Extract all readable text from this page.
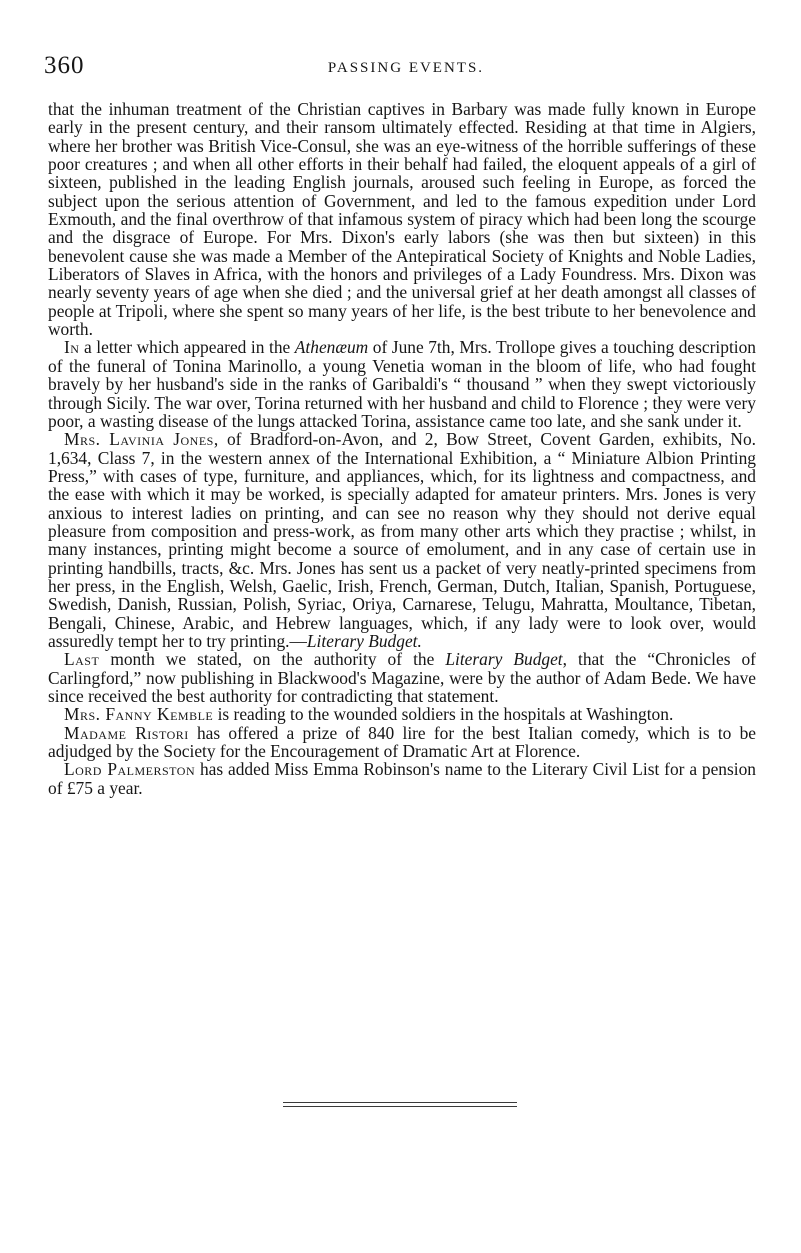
360	PASSING EVENTS.

that the inhuman treatment of the Christian captives in Barbary was made fully known in Europe early in the present century, and their ransom ultimately effected. Residing at that time in Algiers, where her brother was British Vice-Consul, she was an eye-witness of the horrible sufferings of these poor creatures ; and when all other efforts in their behalf had failed, the eloquent appeals of a girl of sixteen, published in the leading English journals, aroused such feeling in Europe, as forced the subject upon the serious attention of Government, and led to the famous expedition under Lord Exmouth, and the final overthrow of that infamous system of piracy which had been long the scourge and the disgrace of Europe. For Mrs. Dixon's early labors (she was then but sixteen) in this benevolent cause she was made a Member of the Antepiratical Society of Knights and Noble Ladies, Liberators of Slaves in Africa, with the honors and privileges of a Lady Foundress. Mrs. Dixon was nearly seventy years of age when she died ; and the universal grief at her death amongst all classes of people at Tripoli, where she spent so many years of her life, is the best tribute to her benevolence and worth.

In a letter which appeared in the Athenæum of June 7th, Mrs. Trollope gives a touching description of the funeral of Tonina Marinollo, a young Venetia woman in the bloom of life, who had fought bravely by her husband's side in the ranks of Garibaldi's “ thousand ” when they swept victoriously through Sicily. The war over, Torina returned with her husband and child to Florence ; they were very poor, a wasting disease of the lungs attacked Torina, assistance came too late, and she sank under it.

Mrs. Lavinia Jones, of Bradford-on-Avon, and 2, Bow Street, Covent Garden, exhibits, No. 1,634, Class 7, in the western annex of the International Exhibition, a “ Miniature Albion Printing Press,” with cases of type, furniture, and appliances, which, for its lightness and compactness, and the ease with which it may be worked, is specially adapted for amateur printers. Mrs. Jones is very anxious to interest ladies on printing, and can see no reason why they should not derive equal pleasure from composition and press-work, as from many other arts which they practise ; whilst, in many instances, printing might become a source of emolument, and in any case of certain use in printing handbills, tracts, &c. Mrs. Jones has sent us a packet of very neatly-printed specimens from her press, in the English, Welsh, Gaelic, Irish, French, German, Dutch, Italian, Spanish, Portuguese, Swedish, Danish, Russian, Polish, Syriac, Oriya, Carnarese, Telugu, Mahratta, Moultance, Tibetan, Bengali, Chinese, Arabic, and Hebrew languages, which, if any lady were to look over, would assuredly tempt her to try printing.—Literary Budget.

Last month we stated, on the authority of the Literary Budget, that the “Chronicles of Carlingford,” now publishing in Blackwood's Magazine, were by the author of Adam Bede. We have since received the best authority for contradicting that statement.

Mrs. Fanny Kemble is reading to the wounded soldiers in the hospitals at Washington.

Madame Ristori has offered a prize of 840 lire for the best Italian comedy, which is to be adjudged by the Society for the Encouragement of Dramatic Art at Florence.

Lord Palmerston has added Miss Emma Robinson's name to the Literary Civil List for a pension of £75 a year.
